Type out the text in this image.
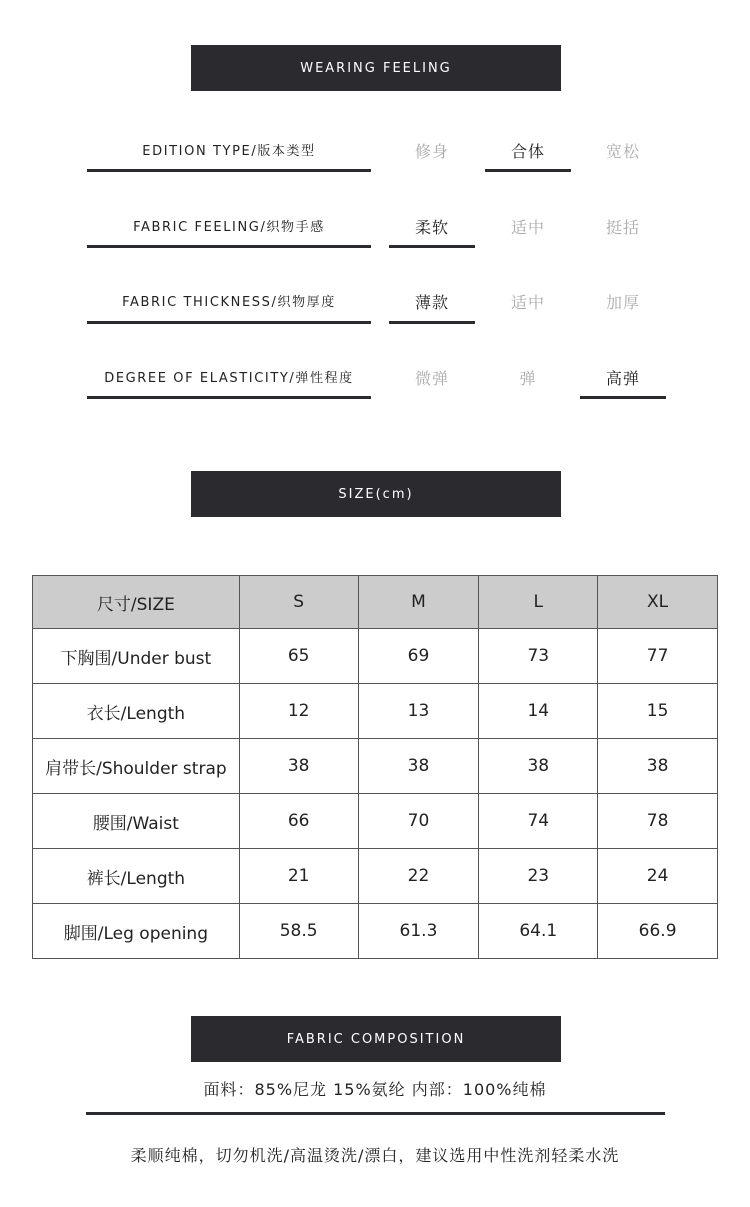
WEARING FEELING
EDITION TYPE/版本类型	修身	合体	宽松
FABRIC FEELING/织物手感	柔软	适中	挺括
FABRIC THICKNESS/织物厚度	薄款	适中	加厚
DEGREE OF ELASTICITY/弹性程度	微弹	弹	高弹
SIZE(cm)
尺寸/SIZE	S	M	L	XL
下胸围/Under bust	65	69	73	77
衣长/Length	12	13	14	15
肩带长/Shoulder strap	38	38	38	38
腰围/Waist	66	70	74	78
裤长/Length	21	22	23	24
脚围/Leg opening	58.5	61.3	64.1	66.9
FABRIC COMPOSITION
面料：85%尼龙 15%氨纶 内部：100%纯棉
柔顺纯棉，切勿机洗/高温烫洗/漂白，建议选用中性洗剂轻柔水洗
